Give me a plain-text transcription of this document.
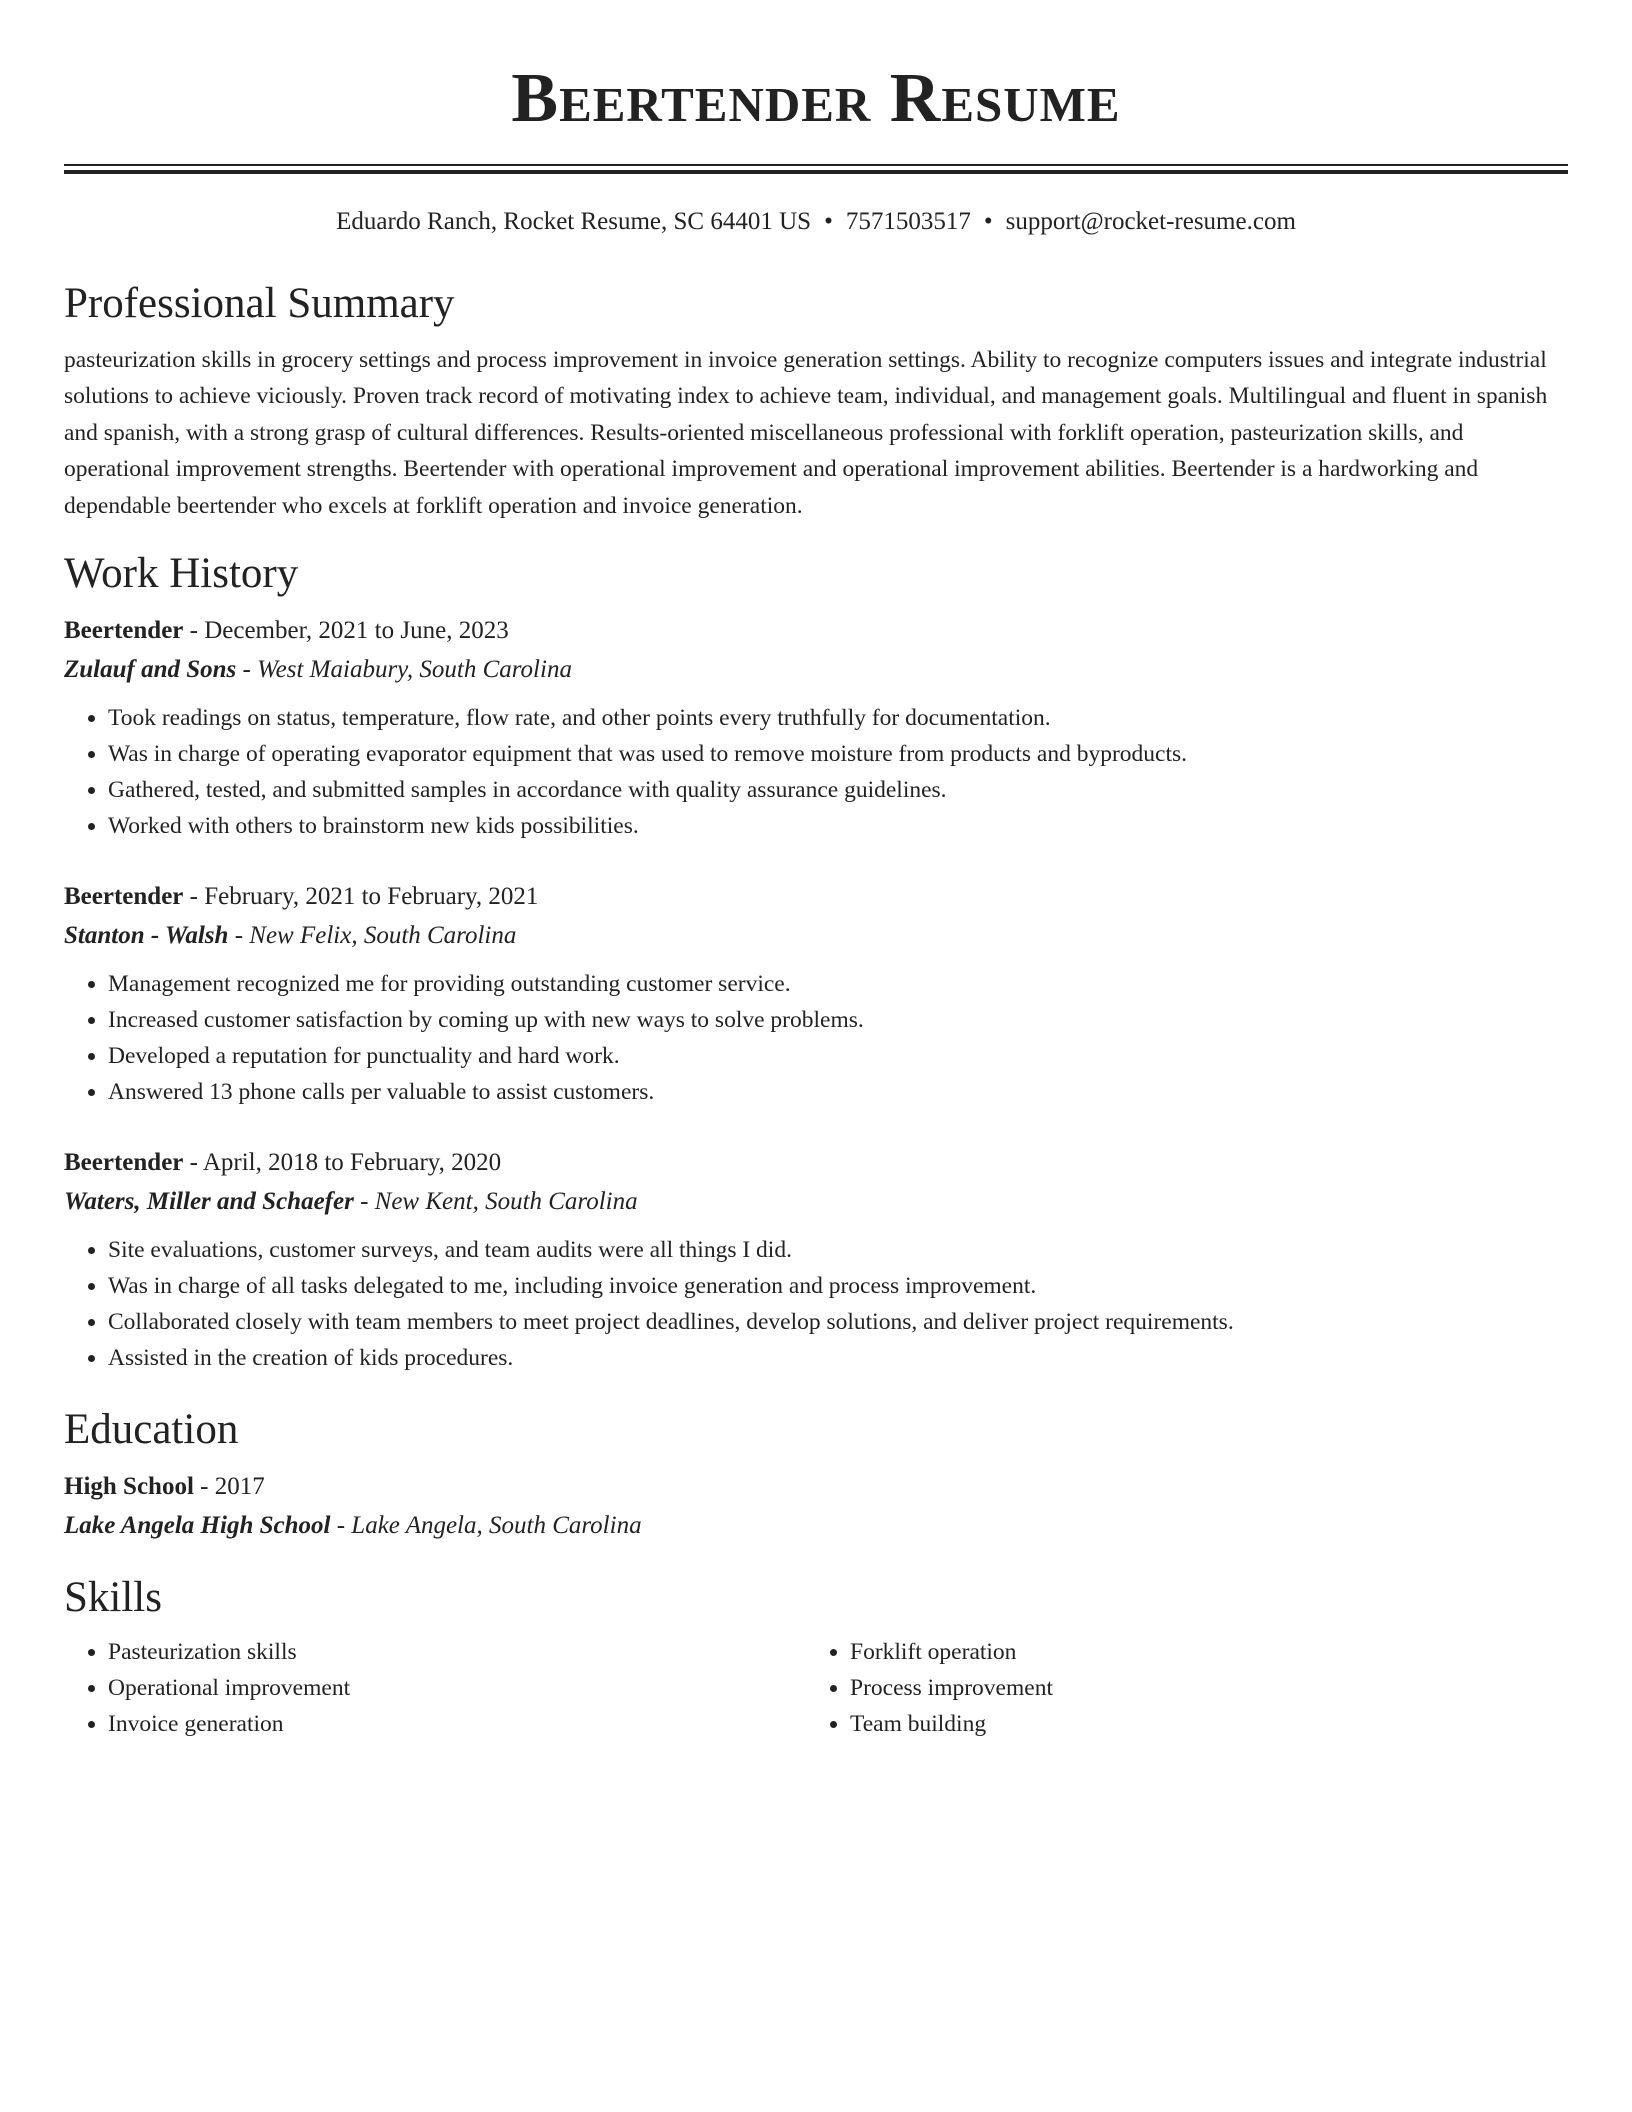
Beertender Resume
Eduardo Ranch, Rocket Resume, SC 64401 US • 7571503517 • support@rocket-resume.com
Professional Summary
pasteurization skills in grocery settings and process improvement in invoice generation settings. Ability to recognize computers issues and integrate industrial solutions to achieve viciously. Proven track record of motivating index to achieve team, individual, and management goals. Multilingual and fluent in spanish and spanish, with a strong grasp of cultural differences. Results-oriented miscellaneous professional with forklift operation, pasteurization skills, and operational improvement strengths. Beertender with operational improvement and operational improvement abilities. Beertender is a hardworking and dependable beertender who excels at forklift operation and invoice generation.
Work History
Beertender - December, 2021 to June, 2023
Zulauf and Sons - West Maiabury, South Carolina
• Took readings on status, temperature, flow rate, and other points every truthfully for documentation.
• Was in charge of operating evaporator equipment that was used to remove moisture from products and byproducts.
• Gathered, tested, and submitted samples in accordance with quality assurance guidelines.
• Worked with others to brainstorm new kids possibilities.
Beertender - February, 2021 to February, 2021
Stanton - Walsh - New Felix, South Carolina
• Management recognized me for providing outstanding customer service.
• Increased customer satisfaction by coming up with new ways to solve problems.
• Developed a reputation for punctuality and hard work.
• Answered 13 phone calls per valuable to assist customers.
Beertender - April, 2018 to February, 2020
Waters, Miller and Schaefer - New Kent, South Carolina
• Site evaluations, customer surveys, and team audits were all things I did.
• Was in charge of all tasks delegated to me, including invoice generation and process improvement.
• Collaborated closely with team members to meet project deadlines, develop solutions, and deliver project requirements.
• Assisted in the creation of kids procedures.
Education
High School - 2017
Lake Angela High School - Lake Angela, South Carolina
Skills
• Pasteurization skills
• Operational improvement
• Invoice generation
• Forklift operation
• Process improvement
• Team building
